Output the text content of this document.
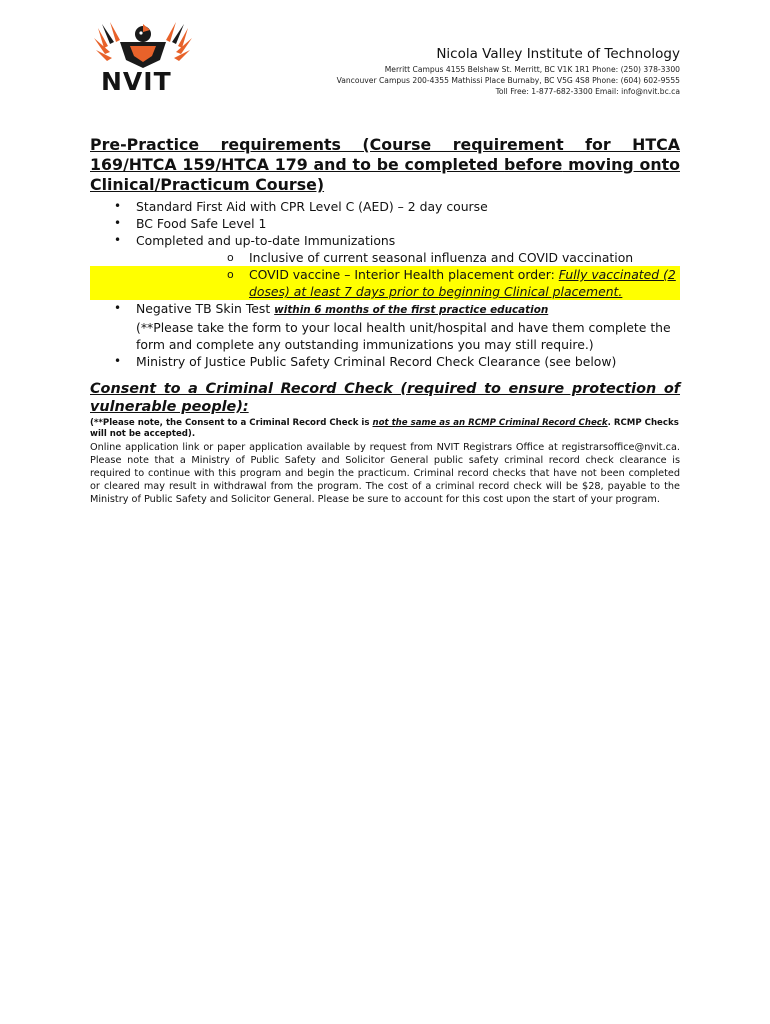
NVIT
Nicola Valley Institute of Technology
Merritt Campus 4155 Belshaw St. Merritt, BC V1K 1R1 Phone: (250) 378-3300
Vancouver Campus 200-4355 Mathissi Place Burnaby, BC V5G 4S8 Phone: (604) 602-9555
Toll Free: 1-877-682-3300 Email: info@nvit.bc.ca

Pre-Practice requirements (Course requirement for HTCA 169/HTCA 159/HTCA 179 and to be completed before moving onto Clinical/Practicum Course)

• Standard First Aid with CPR Level C (AED) – 2 day course
• BC Food Safe Level 1
• Completed and up-to-date Immunizations
o Inclusive of current seasonal influenza and COVID vaccination
o COVID vaccine – Interior Health placement order: Fully vaccinated (2 doses) at least 7 days prior to beginning Clinical placement.
• Negative TB Skin Test within 6 months of the first practice education
(**Please take the form to your local health unit/hospital and have them complete the form and complete any outstanding immunizations you may still require.)
• Ministry of Justice Public Safety Criminal Record Check Clearance (see below)

Consent to a Criminal Record Check (required to ensure protection of vulnerable people):

(**Please note, the Consent to a Criminal Record Check is not the same as an RCMP Criminal Record Check. RCMP Checks will not be accepted).
Online application link or paper application available by request from NVIT Registrars Office at registrarsoffice@nvit.ca. Please note that a Ministry of Public Safety and Solicitor General public safety criminal record check clearance is required to continue with this program and begin the practicum. Criminal record checks that have not been completed or cleared may result in withdrawal from the program. The cost of a criminal record check will be $28, payable to the Ministry of Public Safety and Solicitor General. Please be sure to account for this cost upon the start of your program.
